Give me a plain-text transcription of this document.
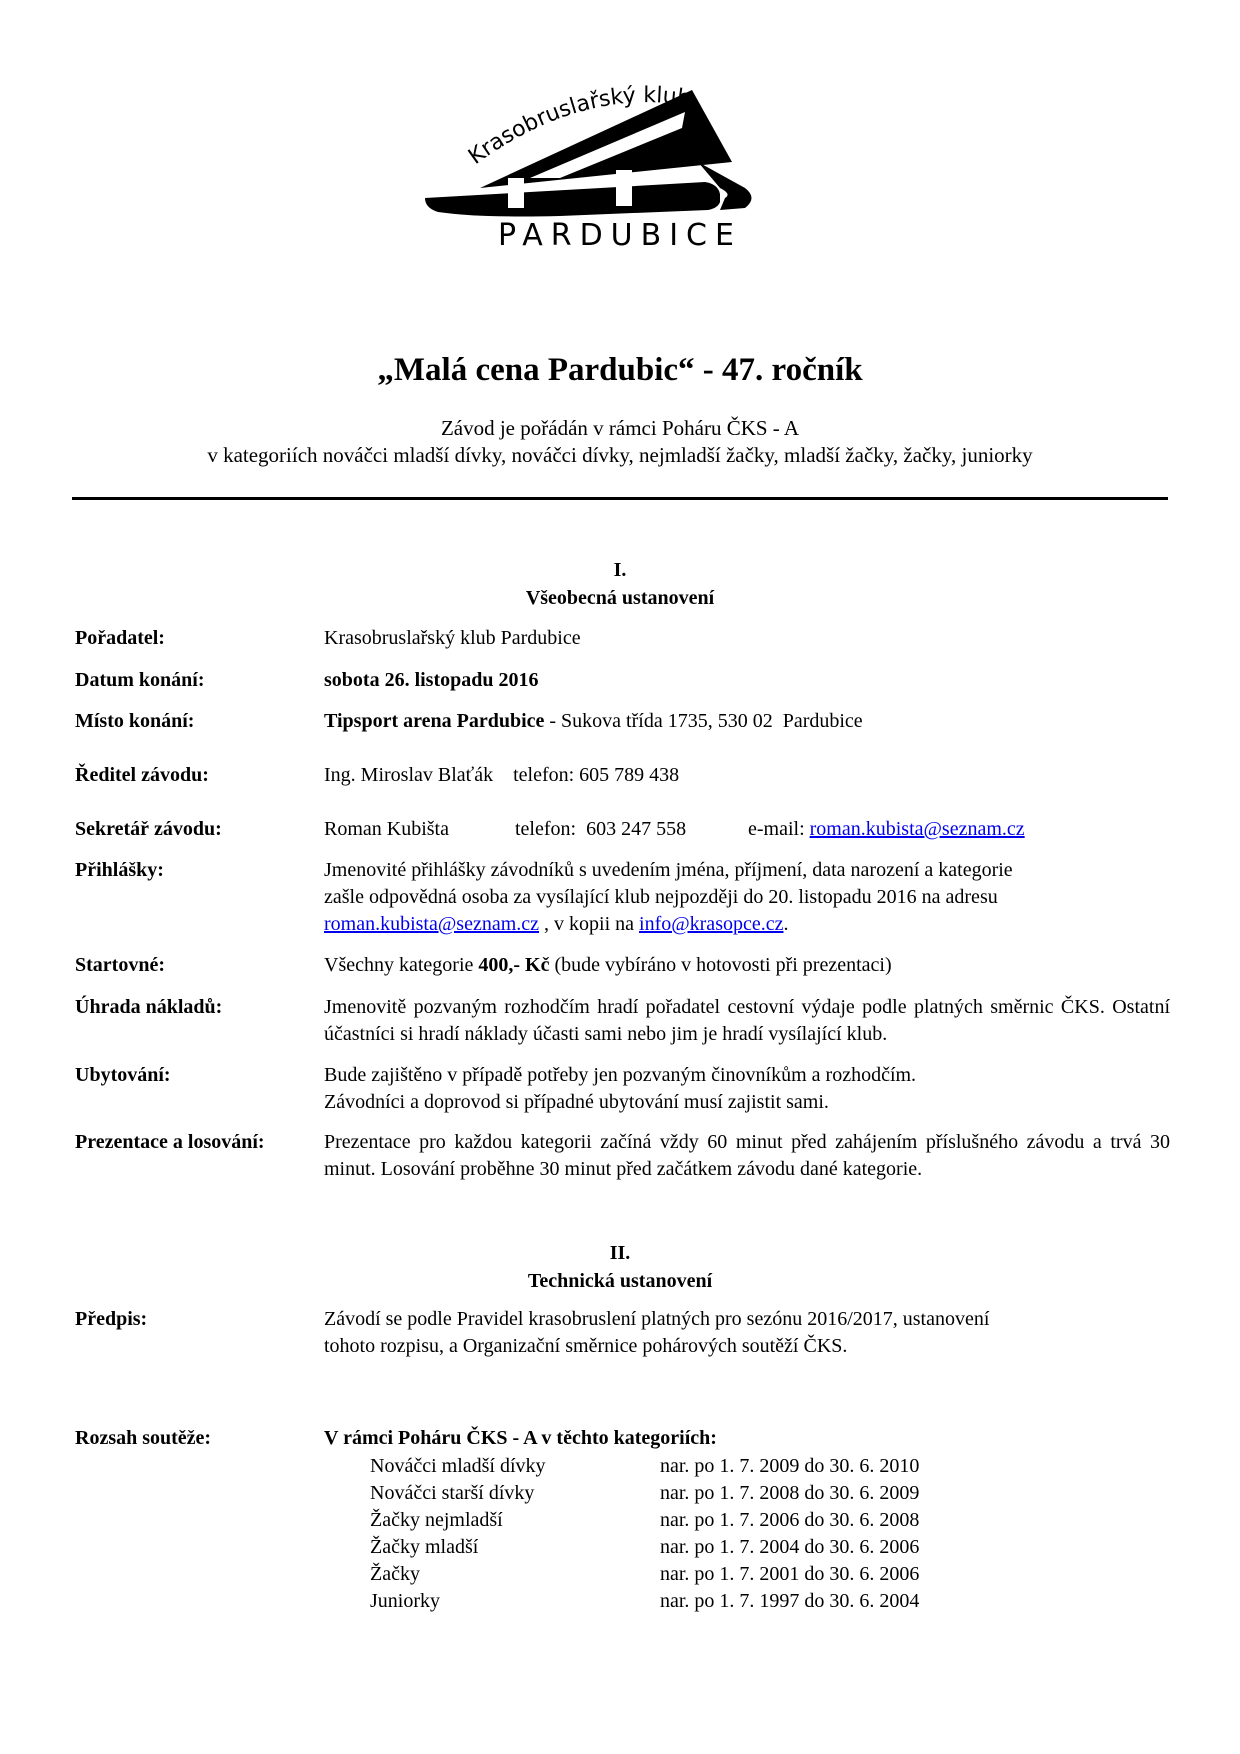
Krasobruslařský klub
PARDUBICE
„Malá cena Pardubic“ - 47. ročník
Závod je pořádán v rámci Poháru ČKS - A
v kategoriích nováčci mladší dívky, nováčci dívky, nejmladší žačky, mladší žačky, žačky, juniorky
I.
Všeobecná ustanovení
Pořadatel:	Krasobruslařský klub Pardubice
Datum konání:	sobota 26. listopadu 2016
Místo konání:	Tipsport arena Pardubice - Sukova třída 1735, 530 02  Pardubice
Ředitel závodu:	Ing. Miroslav Blaťák    telefon: 605 789 438
Sekretář závodu:	Roman Kubišta	telefon:  603 247 558	e-mail: roman.kubista@seznam.cz
Přihlášky:	Jmenovité přihlášky závodníků s uvedením jména, příjmení, data narození a kategorie
zašle odpovědná osoba za vysílající klub nejpozději do 20. listopadu 2016 na adresu
roman.kubista@seznam.cz , v kopii na info@krasopce.cz.
Startovné:	Všechny kategorie 400,- Kč (bude vybíráno v hotovosti při prezentaci)
Úhrada nákladů:	Jmenovitě pozvaným rozhodčím hradí pořadatel cestovní výdaje podle platných směrnic ČKS. Ostatní účastníci si hradí náklady účasti sami nebo jim je hradí vysílající klub.
Ubytování:	Bude zajištěno v případě potřeby jen pozvaným činovníkům a rozhodčím.
Závodníci a doprovod si případné ubytování musí zajistit sami.
Prezentace a losování:	Prezentace pro každou kategorii začíná vždy 60 minut před zahájením příslušného závodu a trvá 30 minut. Losování proběhne 30 minut před začátkem závodu dané kategorie.
II.
Technická ustanovení
Předpis:	Závodí se podle Pravidel krasobruslení platných pro sezónu 2016/2017, ustanovení
tohoto rozpisu, a Organizační směrnice pohárových soutěží ČKS.
Rozsah soutěže:	V rámci Poháru ČKS - A v těchto kategoriích:
Nováčci mladší dívky	nar. po 1. 7. 2009 do 30. 6. 2010
Nováčci starší dívky	nar. po 1. 7. 2008 do 30. 6. 2009
Žačky nejmladší	nar. po 1. 7. 2006 do 30. 6. 2008
Žačky mladší	nar. po 1. 7. 2004 do 30. 6. 2006
Žačky	nar. po 1. 7. 2001 do 30. 6. 2006
Juniorky	nar. po 1. 7. 1997 do 30. 6. 2004
